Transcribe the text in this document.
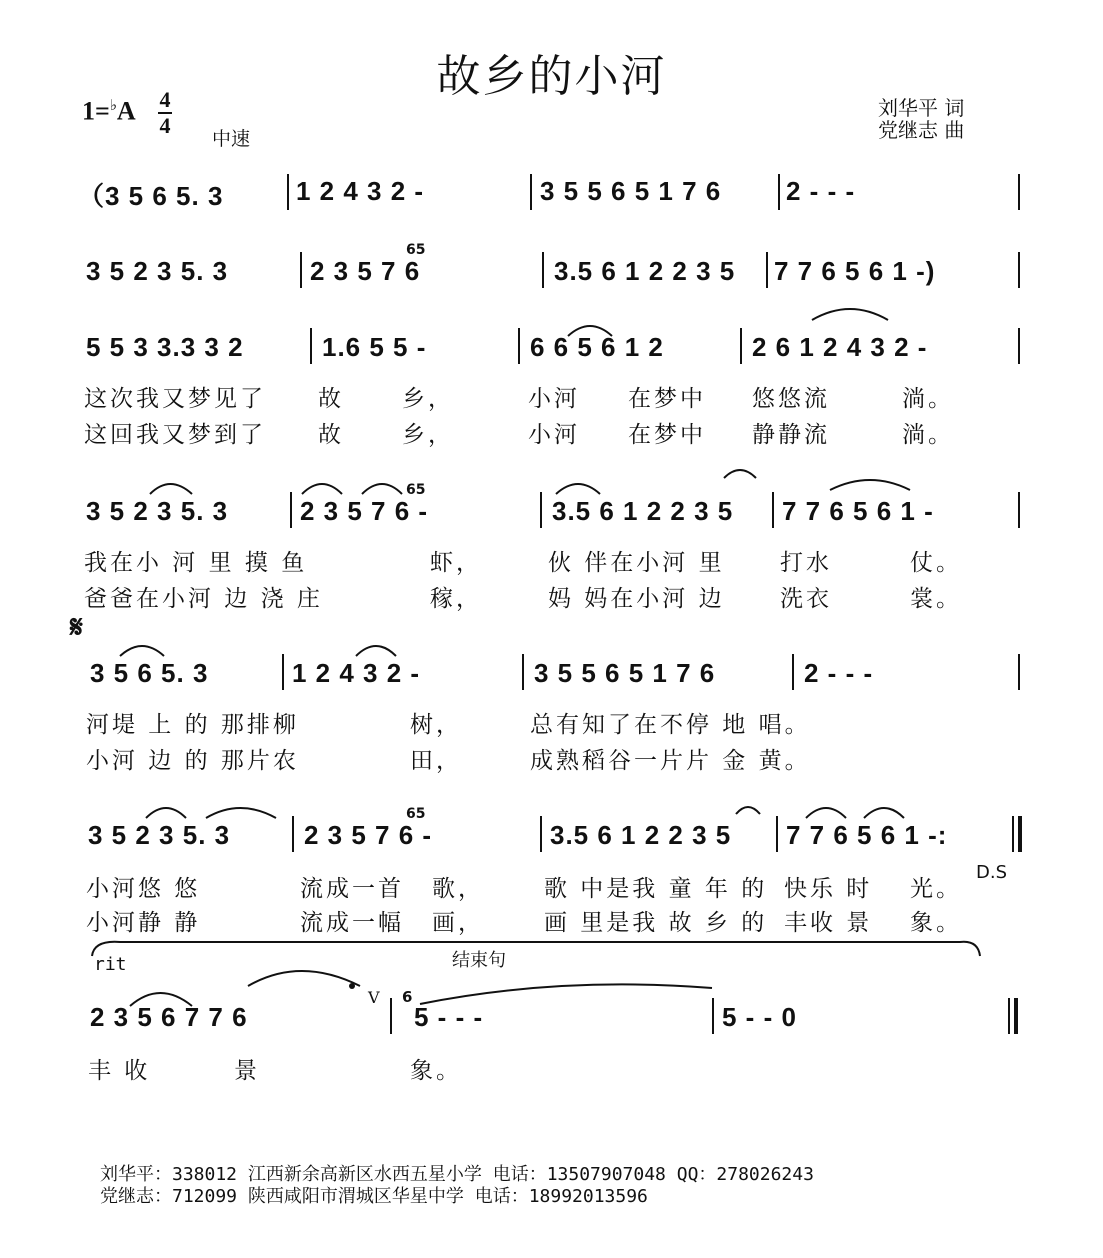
故乡的小河
刘华平 词
党继志 曲
1=♭A 4
4
中速
（3 5 6 5. 3	1 2 4 3 2 -	3 5 5 6 5 1 7 6 2 - - -
65
3 5 2 3 5. 3	2 3 5 7 6	3.5 6 1 2 2 3 5 7 7 6 5 6 1 -)
5 5 3 3.3 3 2	1.6 5 5 -	6 6 5 6 1 2	2 6 1 2 4 3 2 -
这次我又梦见了 故	乡，	小河 在梦中 悠悠流	淌。
这回我又梦到了 故	乡，	小河 在梦中 静静流	淌。
65
3 5 2 3 5. 3	2 3 5 7 6 -	3.5 6 1 2 2 3 5 7 7 6 5 6 1 -
我在小 河 里 摸 鱼	虾，	伙 伴在小河 里 打水	仗。
爸爸在小河 边 浇 庄	稼，	妈 妈在小河 边 洗衣	裳。
𝄋
3 5 6 5. 3	1 2 4 3 2 -	3 5 5 6 5 1 7 6	2 - - -
河堤 上 的 那排柳	树，	总有知了在不停 地 唱。
小河 边 的 那片农	田，	成熟稻谷一片片 金 黄。
65
3 5 2 3 5. 3	2 3 5 7 6 -	3.5 6 1 2 2 3 5 7 7 6 5 6 1 -:
D.S
小河悠 悠	流成一首 歌，	歌 中是我 童 年 的 快乐 时 光。
小河静 静	流成一幅 画，	画 里是我 故 乡 的 丰收 景 象。
rit	结束句
6
2 3 5 6 7 7 6
V
5 - - -	5 - - 0
丰 收	景	象。
刘华平：338012 江西新余高新区水西五星小学 电话：13507907048 QQ：278026243
党继志：712099 陕西咸阳市渭城区华星中学 电话：18992013596
